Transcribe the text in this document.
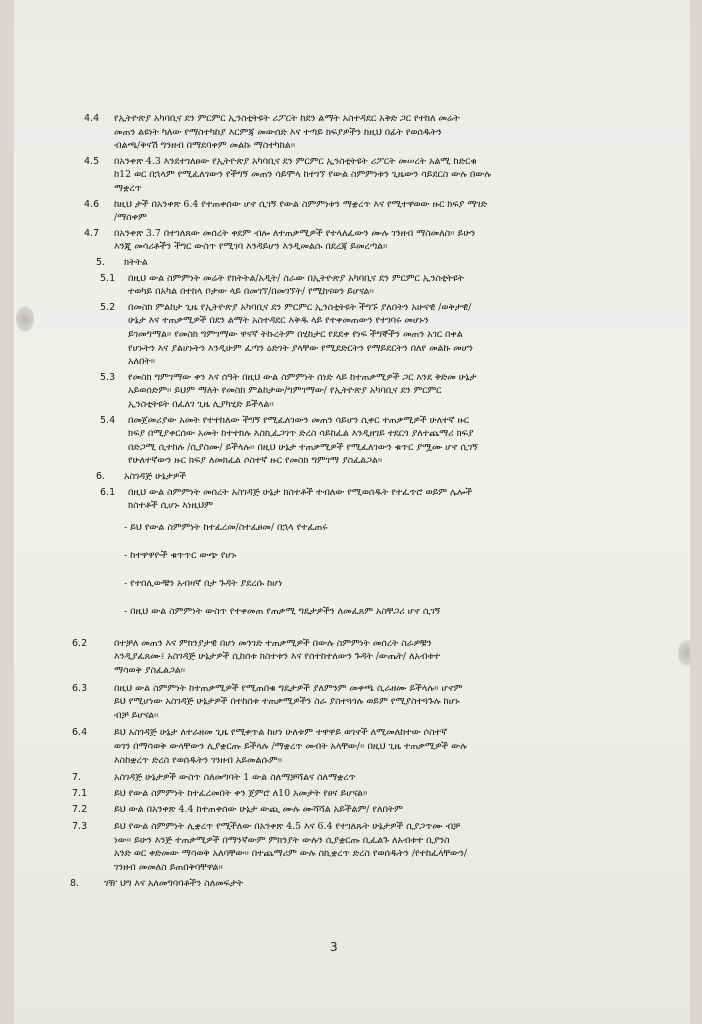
4.4 የኢትዮጵያ አካባቢና ደን ምርምር ኢንስቲትዩት ሪፖርት ከደን ልማት አስተዳደር አቅድ ጋር የተከለ መሬት
መጠን ልዩነት ካለው የማስተካከያ እርምጃ መውሰድ እና ተጣይ ክፍያዎችን ከዚህ በፊት የወሰዱትን
ብልጫ/ቅናሽ ግንዘብ በማደባቀም መልኩ ማስተካከል፡፡
4.5 በአንቀጽ 4.3 እንደተገለፀው የኢትዮጵያ አካባቢና ደን ምርምር ኢንስቲትዩት ሪፖርት መሠረት አልሚ ከድርቁ
ከ12 ወር በኋላም የሚፈለገውን የችግኝ መጠን ሳይሞላ ከተገኘ የውል ስምምነቱን ጊዜውን ሳይደርስ ውሉ በውሉ
ማቋረጥ
4.6 ከዚህ ታች በአንቀጽ 6.4 የተጠቀሰው ሆኖ ሲገኝ የውል ስምምነቱን ማቋረጥ እና የሚተዋወው ዙር ክፍያ ማገድ
/ማሰቀም
4.7 በአንቀጽ 3.7 በተገለጸው መሰረት ቀደም ብሎ ለተጠቃሚዎች የተላለፈውን ሙሉ ገንዘብ ማስመለስ፡፡ ይሁን
እንጂ መሳሪቶችን ችግር ውስጥ የሚገባ እንዳይሆን እንዲመልሱ በደረጃ ይመረጣል፡፡
5. ክትትል
5.1 በዚህ ውል ስምምነት መሬት የክትትል/አዲት/ ስራው በኢትዮጵያ አካባቢና ደን ምርምር ኢንስቲትዩት
ተወካይ በአካል በተከላ ቦታው ላይ በመገኘ/በመገኘት/ የሚከናወን ይሆናል፡፡
5.2 በመስክ ምልከታ ጊዜ የኢትዮጵያ አካባቢና ደን ምርምር ኢንስቲትዩት ችግኙ ያለበትን አሁናዊ /ወቅታዊ/
ሁኔታ እና ተጠቃሚዎች በደን ልማት አስተዳደር እቅዱ ላይ የተቀመጠውን የተገባሩ መሆኑን
ይገመግማል፡፡ የመስክ ግምገማው ዋናኛ ትኩረትም በሂከታር የደደቀ የነፍ ችግኞችን መጠን አገር በቀል
የሆኑትን እና ያልሆኑትን እንዲሁም ፈጣን ዕድገት ያላቸው የሚደድርትን የማይደርትን በለየ መልኩ መሆን
አለበት፡፡
5.3 የመስክ ግምገማው ቀን እና ሰዓት በዚህ ውል ስምምነት ሰነድ ላይ ከተጠቃሚዎች ጋር እንደ ቅድመ ሁኔታ
አይወሰድም፡፡ ይህም ማለት የመስክ ምልከታው/ግምገማው/ የኢትዮጵያ አካባቢና ደን ምርምር
ኢንስቲትዩት በፈለገ ጊዜ ሊያካሂድ ይችላል፡፡
5.4 በመጀመሪያው አመት የተተከለው ችግኝ የሚፈለገውን መጠን ሳይሆን ሲቀር ተጠቃሚዎች ሁለተኛ ዙር
ክፍያ በሚያቀርሰው አመት ከተተክሉ እስኪፈጋገጥ ድረስ ሳይከፈል እንዲዘገይ ተደርጎ ያለተጨማሪ ክፍያ
በድጋሚ ሲተከሉ /ሲያስሙ/ ይችላሉ፡፡ በዚህ ሁኔታ ተጠቃሚዎች የሚፈለገውን ቁጥር ያሟሙ ሆኖ ሲገኝ
የሁለተኛውን ዙር ክፍያ ለመክፈል ሶስተኛ ዙር የመስክ ግምገማ ያስፈልጋል፡፡
6. አስገዳጅ ሁኔታዎች
6.1 በዚህ ውል ስምምነት መሰረት አስገዳጅ ሁኔታ ክስተቶች ተብለው የሚወሰዱት የተፈጥሮ ወይም ሌሎች
ክስተቶች ሲሆኑ እነዚህም
- ይህ የውል ስምምነት ከተፈረመ/ስተፈፀመ/ በኋላ የተፈጠሩ
- ከተዋዋዮች ቁጥጥር ውጭ የሆኑ
- የተበሊውቹን አብዛኛ በታ ጉዳት ያደረሱ ከሆነ
- በዚህ ውል ስምምነት ውስጥ የተቀመጠ የጠቃሚ ግዴታዎችን ለመፈጸም አስቸጋሪ ሆኖ ሲገኝ
6.2	በተቻለ መጠን እና ምክንያታዊ በሆነ መንገድ ተጠቃሚዎች በውሉ ስምምነት መሰረት ስራዎቹን
እንዲያፈጸሙ፤ አስገዳጅ ሁኔታዎች ሲከሰቱ ክስተቱን እና የሰተከተለውን ጉዳት /ውጤት/ ለአብቱተ
ማሳወቅ ያስፈልጋል፡፡
6.3	በዚህ ውል ስምምነት ከተጠቃሚዎች የሚጠበቁ ግዴታዎች ያለምንም መቀጫ ሲራዘሙ ይችላሉ፡፡ ሆኖም
ይህ የሚሆነው አስገዳጅ ሁኔታዎች በተከሰቱ ተጠቃሚዎችን ስራ ያስተጓጎሉ ወይም የሚያስተጓጉሉ ከሆኑ
ብቻ ይሆናል፡፡
6.4	ይህ አስገዳጅ ሁኔታ ለተራዘመ ጊዜ የሚቀጥል ከሆነ ሁለቱም ተዋዋይ ወገኖች ለሚመለከተው ሶስተኛ
ወገን በማሳወቅ ውላቸውን ሊያቋርጡ ይችላሉ /ማቋረጥ መብት አላቸው/፡፡ በዚህ ጊዜ ተጠቃሚዎች ውሉ
እስከቋረጥ ድረስ የወሰዱትን ገንዘብ አይመልሱም፡፡
7.	አስገዳጅ ሁኔታዎች ውስጥ ስለመግባት 1 ውል ስለማቻሻልና ስለማቋረጥ
7.1	ይህ የውል ስምምነት ከተፈረመበት ቀን ጀምሮ ለ10 አመታት የፀና ይሆናል፡፡
7.2	ይህ ውል በአንቀጽ 4.4 ከተጠቀሰው ሁኔታ ውጪ ሙሉ ሙሻሻል አይችልም/ የለበትም
7.3	ይህ የውል ስምምነት ሊቋረጥ የሚችለው በአንቀጽ 4.5 እና 6.4 የተገለጹት ሁኔታዎች ሲያጋጥሙ ብቻ
ነው፡፡ ይሁን እንጅ ተጠቃሚዎች በማንኛውም ምክንያት ውሉን ሲያቋርጡ ቢፈልጉ ለአብቱተ ቢያንስ
አንድ ወር ቀድመው ማሳወቅ አለባቸው፡፡ በተጨማሪም ውሉ ስኪቋረጥ ድረስ የወሰዱትን /የተከፈላቸውን/
ገንዘብ መመለስ ይጠበቅባቸዋል፡፡
8.	ገዥ ህግ እና አለመግባባቶችን ስለመፍታት
3
